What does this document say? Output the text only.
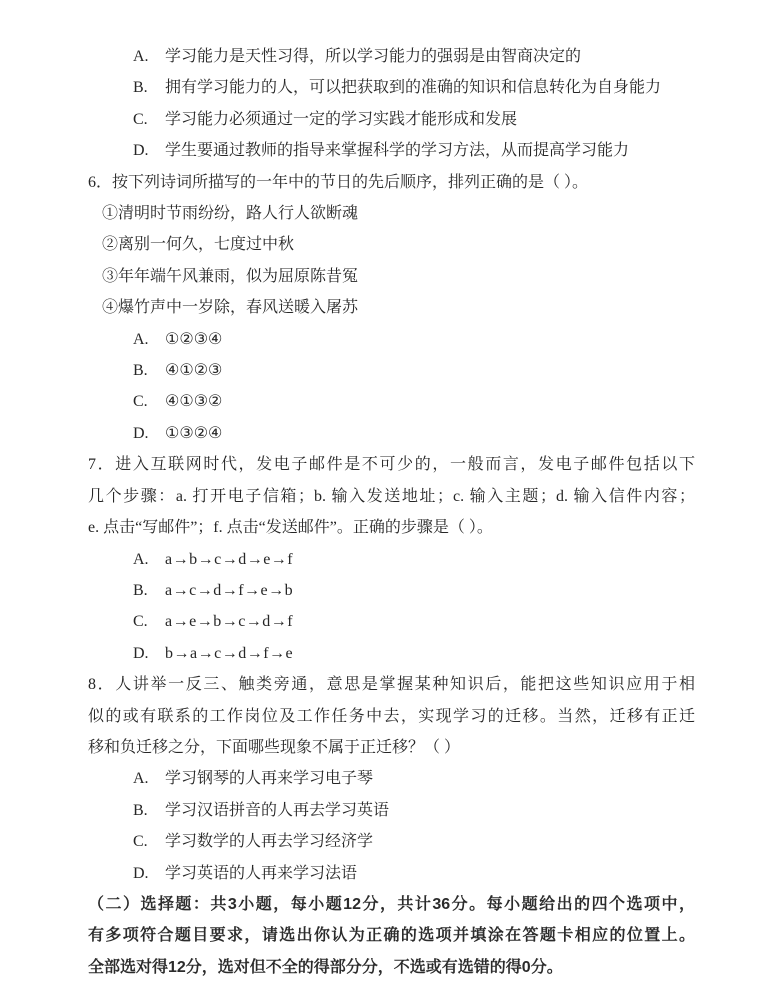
A. 学习能力是天性习得，所以学习能力的强弱是由智商决定的
B. 拥有学习能力的人，可以把获取到的准确的知识和信息转化为自身能力
C. 学习能力必须通过一定的学习实践才能形成和发展
D. 学生要通过教师的指导来掌握科学的学习方法，从而提高学习能力
6．按下列诗词所描写的一年中的节日的先后顺序，排列正确的是（ ）。
①清明时节雨纷纷，路人行人欲断魂
②离别一何久，七度过中秋
③年年端午风兼雨，似为屈原陈昔冤
④爆竹声中一岁除，春风送暖入屠苏
A. ①②③④
B. ④①②③
C. ④①③②
D. ①③②④
7．进入互联网时代，发电子邮件是不可少的，一般而言，发电子邮件包括以下
几个步骤：a. 打开电子信箱；b. 输入发送地址；c. 输入主题；d. 输入信件内容；
e. 点击“写邮件”；f. 点击“发送邮件”。正确的步骤是（ ）。
A. a→b→c→d→e→f
B. a→c→d→f→e→b
C. a→e→b→c→d→f
D. b→a→c→d→f→e
8．人讲举一反三、触类旁通，意思是掌握某种知识后，能把这些知识应用于相
似的或有联系的工作岗位及工作任务中去，实现学习的迁移。当然，迁移有正迁
移和负迁移之分，下面哪些现象不属于正迁移？（ ）
A. 学习钢琴的人再来学习电子琴
B. 学习汉语拼音的人再去学习英语
C. 学习数学的人再去学习经济学
D. 学习英语的人再来学习法语
（二）选择题：共3小题，每小题12分，共计36分。每小题给出的四个选项中，
有多项符合题目要求，请选出你认为正确的选项并填涂在答题卡相应的位置上。
全部选对得12分，选对但不全的得部分分，不选或有选错的得0分。
